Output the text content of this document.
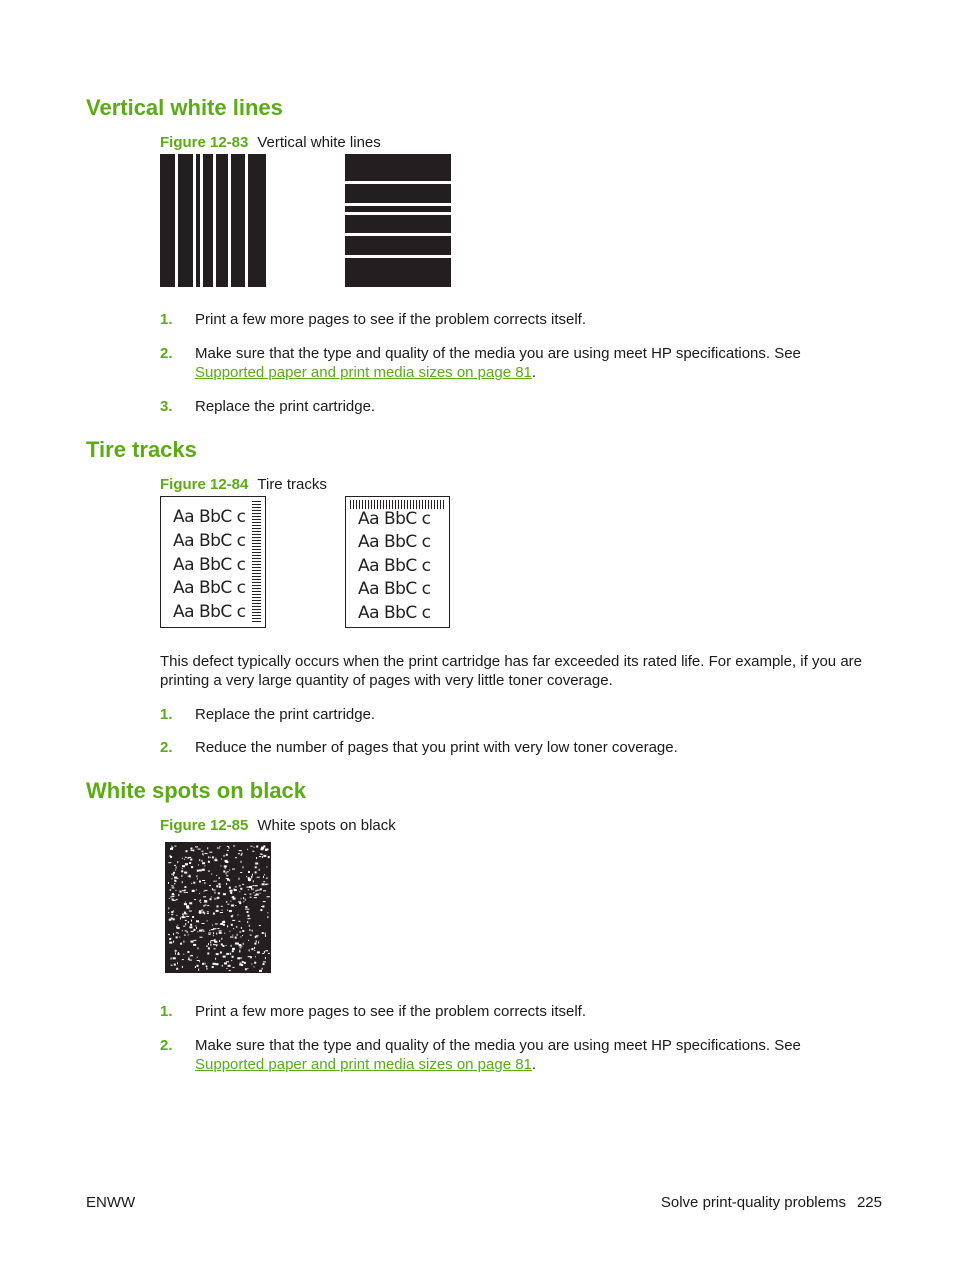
Vertical white lines
Figure 12-83 Vertical white lines
1. Print a few more pages to see if the problem corrects itself.
2. Make sure that the type and quality of the media you are using meet HP specifications. See
Supported paper and print media sizes on page 81.
3. Replace the print cartridge.
Tire tracks
Figure 12-84 Tire tracks
Aa BbC c
Aa BbC c
Aa BbC c
Aa BbC c
Aa BbC c
Aa BbC c
Aa BbC c
Aa BbC c
Aa BbC c
Aa BbC c
This defect typically occurs when the print cartridge has far exceeded its rated life. For example, if you are printing a very large quantity of pages with very little toner coverage.
1. Replace the print cartridge.
2. Reduce the number of pages that you print with very low toner coverage.
White spots on black
Figure 12-85 White spots on black
1. Print a few more pages to see if the problem corrects itself.
2. Make sure that the type and quality of the media you are using meet HP specifications. See
Supported paper and print media sizes on page 81.
ENWW	Solve print-quality problems 225
